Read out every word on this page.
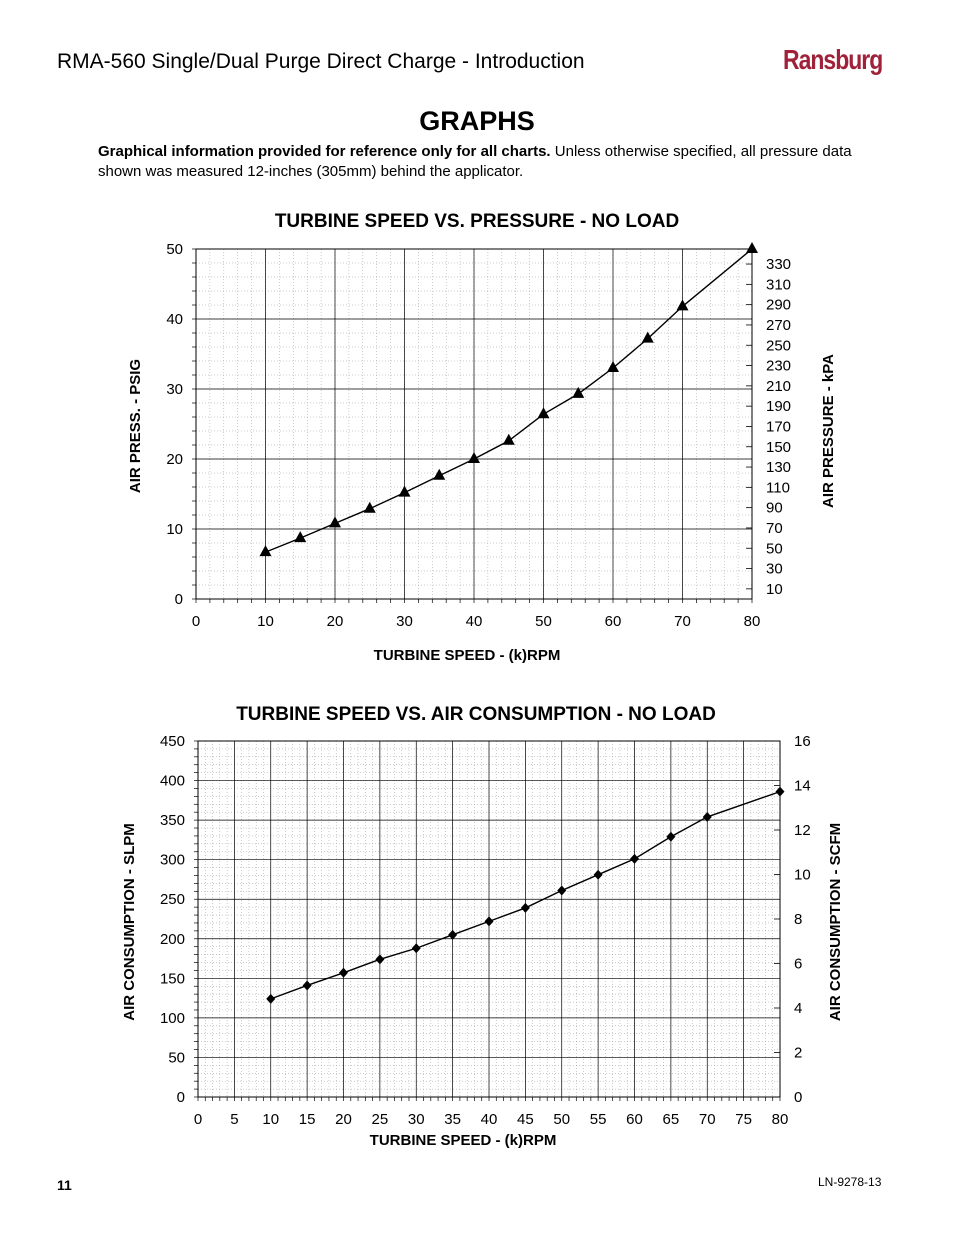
RMA-560 Single/Dual Purge Direct Charge - Introduction	Ransburg
GRAPHS
Graphical information provided for reference only for all charts. Unless otherwise specified, all pressure data shown was measured 12-inches (305mm) behind the applicator.
TURBINE SPEED VS. PRESSURE - NO LOAD
0	10	20	30	40	50	60	70	80
0
10
20
30
40
50
10
30
50
70
90
110
130
150
170
190
210
230
250
270
290
310
330
TURBINE SPEED - (k)RPM
AIR PRESS. - PSIG	AIR PRESSURE - kPA
TURBINE SPEED VS. AIR CONSUMPTION - NO LOAD
0 5 10 15 20 25 30 35 40 45 50 55 60 65 70 75 80
0
50
100
150
200
250
300
350
400
450
0
2
4
6
8
10
12
14
16
TURBINE SPEED - (k)RPM
AIR CONSUMPTION - SLPM	AIR CONSUMPTION - SCFM
11	LN-9278-13
